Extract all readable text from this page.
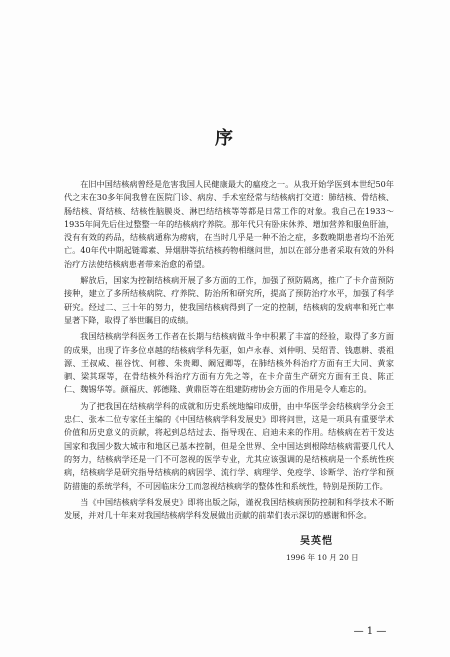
序

在旧中国结核病曾经是危害我国人民健康最大的瘟疫之一。从我开始学医到本世纪50年代之末在30多年间我曾在医院门诊、病房、手术室经常与结核病打交道：肺结核、骨结核、肠结核、肾结核、结核性脑膜炎、淋巴结结核等等都是日常工作的对象。我自己在1933～1935年间先后住过整整一年的结核病疗养院。那年代只有卧床休养、增加营养和服鱼肝油，没有有效的药品，结核病通称为痨病，在当时几乎是一种不治之症，多数晚期患者均不治死亡。40年代中期起链霉素、异烟肼等抗结核药物相继问世，加以在部分患者采取有效的外科治疗方法使结核病患者带来治愈的希望。

解放后，国家为控制结核病开展了多方面的工作，加强了预防隔离，推广了卡介苗预防接种，建立了多所结核病院、疗养院、防治所和研究所，提高了预防治疗水平，加强了科学研究。经过二、三十年的努力，使我国结核病得到了一定的控制，结核病的发病率和死亡率显著下降，取得了举世瞩目的成绩。

我国结核病学科医务工作者在长期与结核病做斗争中积累了丰富的经验，取得了多方面的成果，出现了许多位卓越的结核病学科先驱，如卢永春、刘仲明、吴绍青、钱惠耕、裘祖源、王叔咸、崔谷忱、何穆、朱贵卿、阚冠卿等，在肺结核外科治疗方面有王大同、黄家驷、梁其琛等，在骨结核外科治疗方面有方先之等，在卡介苗生产研究方面有王良、陈正仁、魏锡华等。颜福庆、郭德隆、黄鼎臣等在组建防痨协会方面的作用是令人难忘的。

为了把我国在结核病学科的成就和历史系统地编印成册，由中华医学会结核病学分会王忠仁、张本二位专家任主编的《中国结核病学科发展史》即将问世，这是一项具有重要学术价值和历史意义的贡献，将起到总结过去、指导现在、启迪未来的作用。结核病在若干发达国家和我国少数大城市和地区已基本控制，但是全世界、全中国达到根除结核病需要几代人的努力，结核病学还是一门不可忽视的医学专业，尤其应该强调的是结核病是一个系统性疾病，结核病学是研究指导结核病的病因学、流行学、病理学、免疫学、诊断学、治疗学和预防措施的系统学科，不可因临床分工而忽视结核病学的整体性和系统性，特别是预防工作。

当《中国结核病学科发展史》即将出版之际，谨祝我国结核病预防控制和科学技术不断发展，并对几十年来对我国结核病学科发展做出贡献的前辈们表示深切的感谢和怀念。

吴英恺
1996 年 10 月 20 日
— 1 —
